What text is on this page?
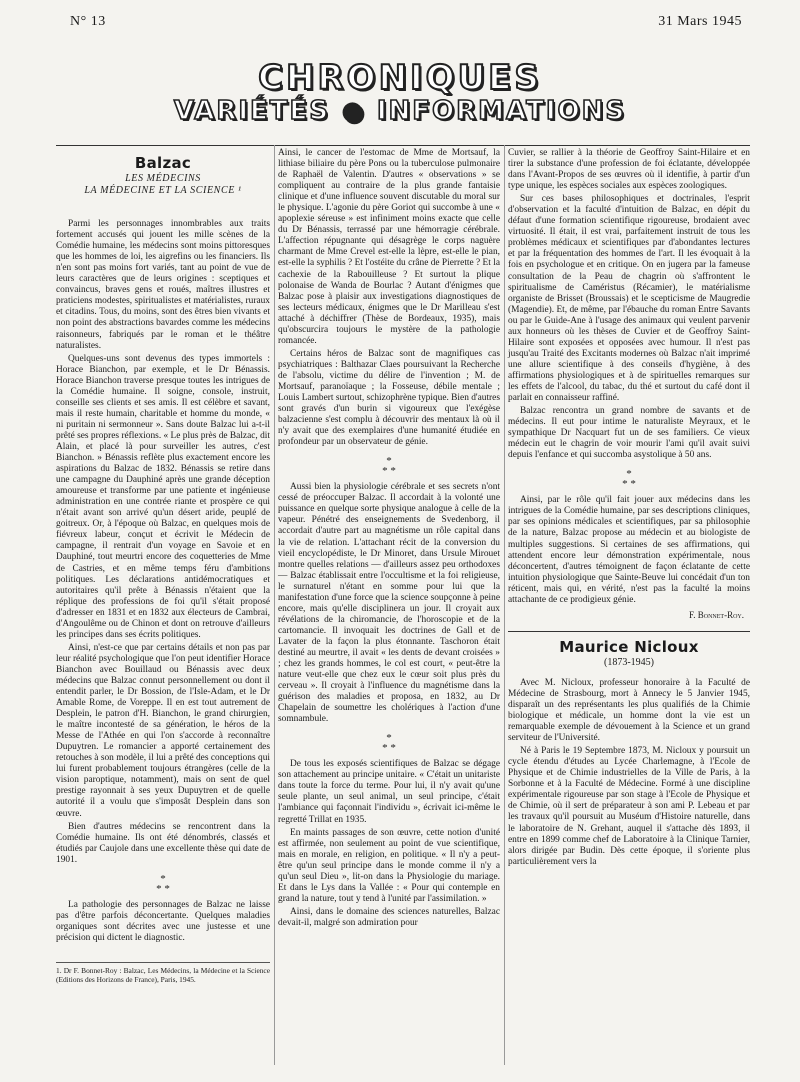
N° 13	31 Mars 1945
CHRONIQUES
VARIÉTÉS ● INFORMATIONS
Balzac
LES MÉDECINS
LA MÉDECINE ET LA SCIENCE ¹

Parmi les personnages innombrables aux traits fortement accusés qui jouent les mille scènes de la Comédie humaine, les médecins sont moins pittoresques que les hommes de loi, les aigrefins ou les financiers. Ils n'en sont pas moins fort variés, tant au point de vue de leurs caractères que de leurs origines : sceptiques et convaincus, braves gens et roués, maîtres illustres et praticiens modestes, spiritualistes et matérialistes, ruraux et citadins. Tous, du moins, sont des êtres bien vivants et non point des abstractions bavardes comme les médecins raisonneurs, fabriqués par le roman et le théâtre naturalistes.

Quelques-uns sont devenus des types immortels : Horace Bianchon, par exemple, et le Dr Bénassis. Horace Bianchon traverse presque toutes les intrigues de la Comédie humaine. Il soigne, console, instruit, conseille ses clients et ses amis. Il est célèbre et savant, mais il reste humain, charitable et homme du monde, « ni puritain ni sermonneur ». Sans doute Balzac lui a-t-il prêté ses propres réflexions. « Le plus près de Balzac, dit Alain, et placé là pour surveiller les autres, c'est Bianchon. » Bénassis reflète plus exactement encore les aspirations du Balzac de 1832. Bénassis se retire dans une campagne du Dauphiné après une grande déception amoureuse et transforme par une patiente et ingénieuse administration en une contrée riante et prospère ce qui n'était avant son arrivé qu'un désert aride, peuplé de goitreux. Or, à l'époque où Balzac, en quelques mois de fiévreux labeur, conçut et écrivit le Médecin de campagne, il rentrait d'un voyage en Savoie et en Dauphiné, tout meurtri encore des coquetteries de Mme de Castries, et en même temps féru d'ambitions politiques. Les déclarations antidémocratiques et autoritaires qu'il prête à Bénassis n'étaient que la réplique des professions de foi qu'il s'était proposé d'adresser en 1831 et en 1832 aux électeurs de Cambrai, d'Angoulême ou de Chinon et dont on retrouve d'ailleurs les principes dans ses écrits politiques.

Ainsi, n'est-ce que par certains détails et non pas par leur réalité psychologique que l'on peut identifier Horace Bianchon avec Bouillaud ou Bénassis avec deux médecins que Balzac connut personnellement ou dont il entendit parler, le Dr Bossion, de l'Isle-Adam, et le Dr Amable Rome, de Voreppe. Il en est tout autrement de Desplein, le patron d'H. Bianchon, le grand chirurgien, le maître incontesté de sa génération, le héros de la Messe de l'Athée en qui l'on s'accorde à reconnaître Dupuytren. Le romancier a apporté certainement des retouches à son modèle, il lui a prêté des conceptions qui lui furent probablement toujours étrangères (celle de la vision paroptique, notamment), mais on sent de quel prestige rayonnait à ses yeux Dupuytren et de quelle autorité il a voulu que s'imposât Desplein dans son œuvre.

Bien d'autres médecins se rencontrent dans la Comédie humaine. Ils ont été dénombrés, classés et étudiés par Caujole dans une excellente thèse qui date de 1901.

*
* *

La pathologie des personnages de Balzac ne laisse pas d'être parfois déconcertante. Quelques maladies organiques sont décrites avec une justesse et une précision qui dictent le diagnostic.

1. Dr F. Bonnet-Roy : Balzac, Les Médecins, la Médecine et la Science (Editions des Horizons de France), Paris, 1945.

Ainsi, le cancer de l'estomac de Mme de Mortsauf, la lithiase biliaire du père Pons ou la tuberculose pulmonaire de Raphaël de Valentin. D'autres « observations » se compliquent au contraire de la plus grande fantaisie clinique et d'une influence souvent discutable du moral sur le physique. L'agonie du père Goriot qui succombe à une « apoplexie séreuse » est infiniment moins exacte que celle du Dr Bénassis, terrassé par une hémorragie cérébrale. L'affection répugnante qui désagrège le corps naguère charmant de Mme Crevel est-elle la lèpre, est-elle le pian, est-elle la syphilis ? Et l'ostéite du crâne de Pierrette ? Et la cachexie de la Rabouilleuse ? Et surtout la plique polonaise de Wanda de Bourlac ? Autant d'énigmes que Balzac pose à plaisir aux investigations diagnostiques de ses lecteurs médicaux, énigmes que le Dr Marilleau s'est attaché à déchiffrer (Thèse de Bordeaux, 1935), mais qu'obscurcira toujours le mystère de la pathologie romancée.

Certains héros de Balzac sont de magnifiques cas psychiatriques : Balthazar Claes poursuivant la Recherche de l'absolu, victime du délire de l'invention ; M. de Mortsauf, paranoïaque ; la Fosseuse, débile mentale ; Louis Lambert surtout, schizophrène typique. Bien d'autres sont gravés d'un burin si vigoureux que l'exégèse balzacienne s'est complu à découvrir des mentaux là où il n'y avait que des exemplaires d'une humanité étudiée en profondeur par un observateur de génie.

*
* *

Aussi bien la physiologie cérébrale et ses secrets n'ont cessé de préoccuper Balzac. Il accordait à la volonté une puissance en quelque sorte physique analogue à celle de la vapeur. Pénétré des enseignements de Svedenborg, il accordait d'autre part au magnétisme un rôle capital dans la vie de relation. L'attachant récit de la conversion du vieil encyclopédiste, le Dr Minoret, dans Ursule Mirouet montre quelles relations — d'ailleurs assez peu orthodoxes — Balzac établissait entre l'occultisme et la foi religieuse, le surnaturel n'étant en somme pour lui que la manifestation d'une force que la science soupçonne à peine encore, mais qu'elle disciplinera un jour. Il croyait aux révélations de la chiromancie, de l'horoscopie et de la cartomancie. Il invoquait les doctrines de Gall et de Lavater de la façon la plus étonnante. Taschoron était destiné au meurtre, il avait « les dents de devant croisées » ; chez les grands hommes, le col est court, « peut-être la nature veut-elle que chez eux le cœur soit plus près du cerveau ». Il croyait à l'influence du magnétisme dans la guérison des maladies et proposa, en 1832, au Dr Chapelain de soumettre les cholériques à l'action d'une somnambule.

*
* *

De tous les exposés scientifiques de Balzac se dégage son attachement au principe unitaire. « C'était un unitariste dans toute la force du terme. Pour lui, il n'y avait qu'une seule plante, un seul animal, un seul principe, c'était l'ambiance qui façonnait l'individu », écrivait ici-même le regretté Trillat en 1935.

En maints passages de son œuvre, cette notion d'unité est affirmée, non seulement au point de vue scientifique, mais en morale, en religion, en politique. « Il n'y a peut-être qu'un seul principe dans le monde comme il n'y a qu'un seul Dieu », lit-on dans la Physiologie du mariage. Et dans le Lys dans la Vallée : « Pour qui contemple en grand la nature, tout y tend à l'unité par l'assimilation. »

Ainsi, dans le domaine des sciences naturelles, Balzac devait-il, malgré son admiration pour

Cuvier, se rallier à la théorie de Geoffroy Saint-Hilaire et en tirer la substance d'une profession de foi éclatante, développée dans l'Avant-Propos de ses œuvres où il identifie, à partir d'un type unique, les espèces sociales aux espèces zoologiques.

Sur ces bases philosophiques et doctrinales, l'esprit d'observation et la faculté d'intuition de Balzac, en dépit du défaut d'une formation scientifique rigoureuse, brodaient avec virtuosité. Il était, il est vrai, parfaitement instruit de tous les problèmes médicaux et scientifiques par d'abondantes lectures et par la fréquentation des hommes de l'art. Il les évoquait à la fois en psychologue et en critique. On en jugera par la fameuse consultation de la Peau de chagrin où s'affrontent le spiritualisme de Caméristus (Récamier), le matérialisme organiste de Brisset (Broussais) et le scepticisme de Maugredie (Magendie). Et, de même, par l'ébauche du roman Entre Savants ou par le Guide-Ane à l'usage des animaux qui veulent parvenir aux honneurs où les thèses de Cuvier et de Geoffroy Saint-Hilaire sont exposées et opposées avec humour. Il n'est pas jusqu'au Traité des Excitants modernes où Balzac n'ait imprimé une allure scientifique à des conseils d'hygiène, à des affirmations physiologiques et à de spirituelles remarques sur les effets de l'alcool, du tabac, du thé et surtout du café dont il parlait en connaisseur raffiné.

Balzac rencontra un grand nombre de savants et de médecins. Il eut pour intime le naturaliste Meyraux, et le sympathique Dr Nacquart fut un de ses familiers. Ce vieux médecin eut le chagrin de voir mourir l'ami qu'il avait suivi depuis l'enfance et qui succomba asystolique à 50 ans.

*
* *

Ainsi, par le rôle qu'il fait jouer aux médecins dans les intrigues de la Comédie humaine, par ses descriptions cliniques, par ses opinions médicales et scientifiques, par sa philosophie de la nature, Balzac propose au médecin et au biologiste de multiples suggestions. Si certaines de ses affirmations, qui attendent encore leur démonstration expérimentale, nous déconcertent, d'autres témoignent de façon éclatante de cette intuition physiologique que Sainte-Beuve lui concédait d'un ton réticent, mais qui, en vérité, n'est pas la faculté la moins attachante de ce prodigieux génie.

F. Bonnet-Roy.
Maurice Nicloux
(1873-1945)

Avec M. Nicloux, professeur honoraire à la Faculté de Médecine de Strasbourg, mort à Annecy le 5 Janvier 1945, disparaît un des représentants les plus qualifiés de la Chimie biologique et médicale, un homme dont la vie est un remarquable exemple de dévouement à la Science et un grand serviteur de l'Université.

Né à Paris le 19 Septembre 1873, M. Nicloux y poursuit un cycle étendu d'études au Lycée Charlemagne, à l'Ecole de Physique et de Chimie industrielles de la Ville de Paris, à la Sorbonne et à la Faculté de Médecine. Formé à une discipline expérimentale rigoureuse par son stage à l'Ecole de Physique et de Chimie, où il sert de préparateur à son ami P. Lebeau et par les travaux qu'il poursuit au Muséum d'Histoire naturelle, dans le laboratoire de N. Grehant, auquel il s'attache dès 1893, il entre en 1899 comme chef de Laboratoire à la Clinique Tarnier, alors dirigée par Budin. Dès cette époque, il s'oriente plus particulièrement vers la
